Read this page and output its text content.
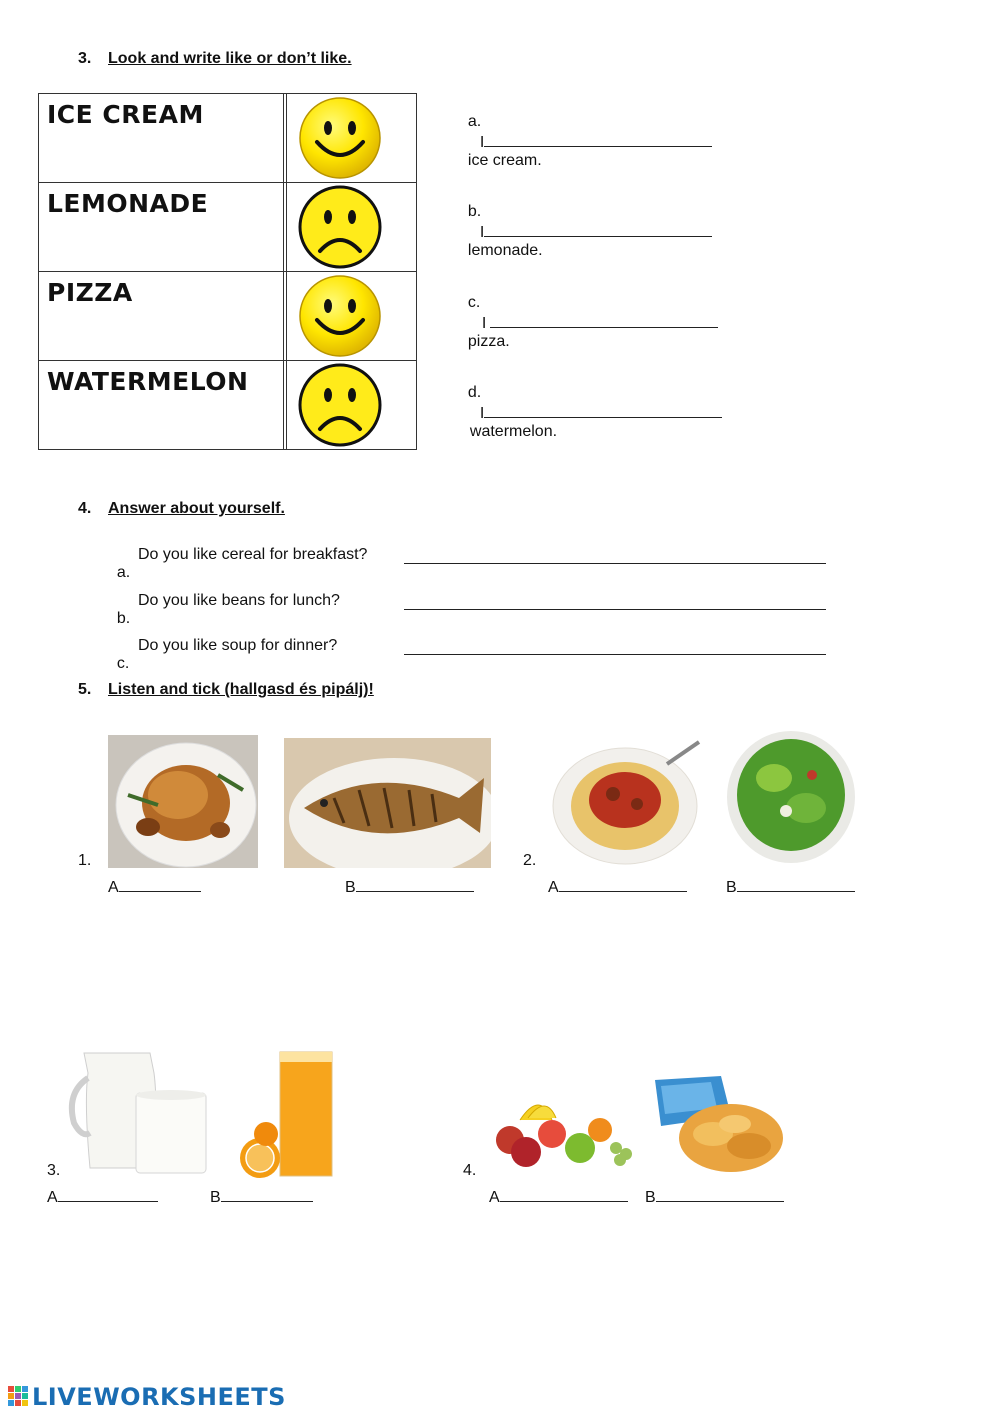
3. Look and write like or don’t like.
ICE CREAM	

LEMONADE	

PIZZA	

WATERMELON	

a.
I
ice cream.

b.
I
lemonade.

c.
I
pizza.

d.
I
watermelon.

4. Answer about yourself.

a.

Do you like cereal for breakfast?

b.

Do you like beans for lunch?

c.

Do you like soup for dinner?
5. Listen and tick (hallgasd és pipálj)!
1.
A	B
2.
A	B
3.
A	B
4.
A	B
LIVEWORKSHEETS
